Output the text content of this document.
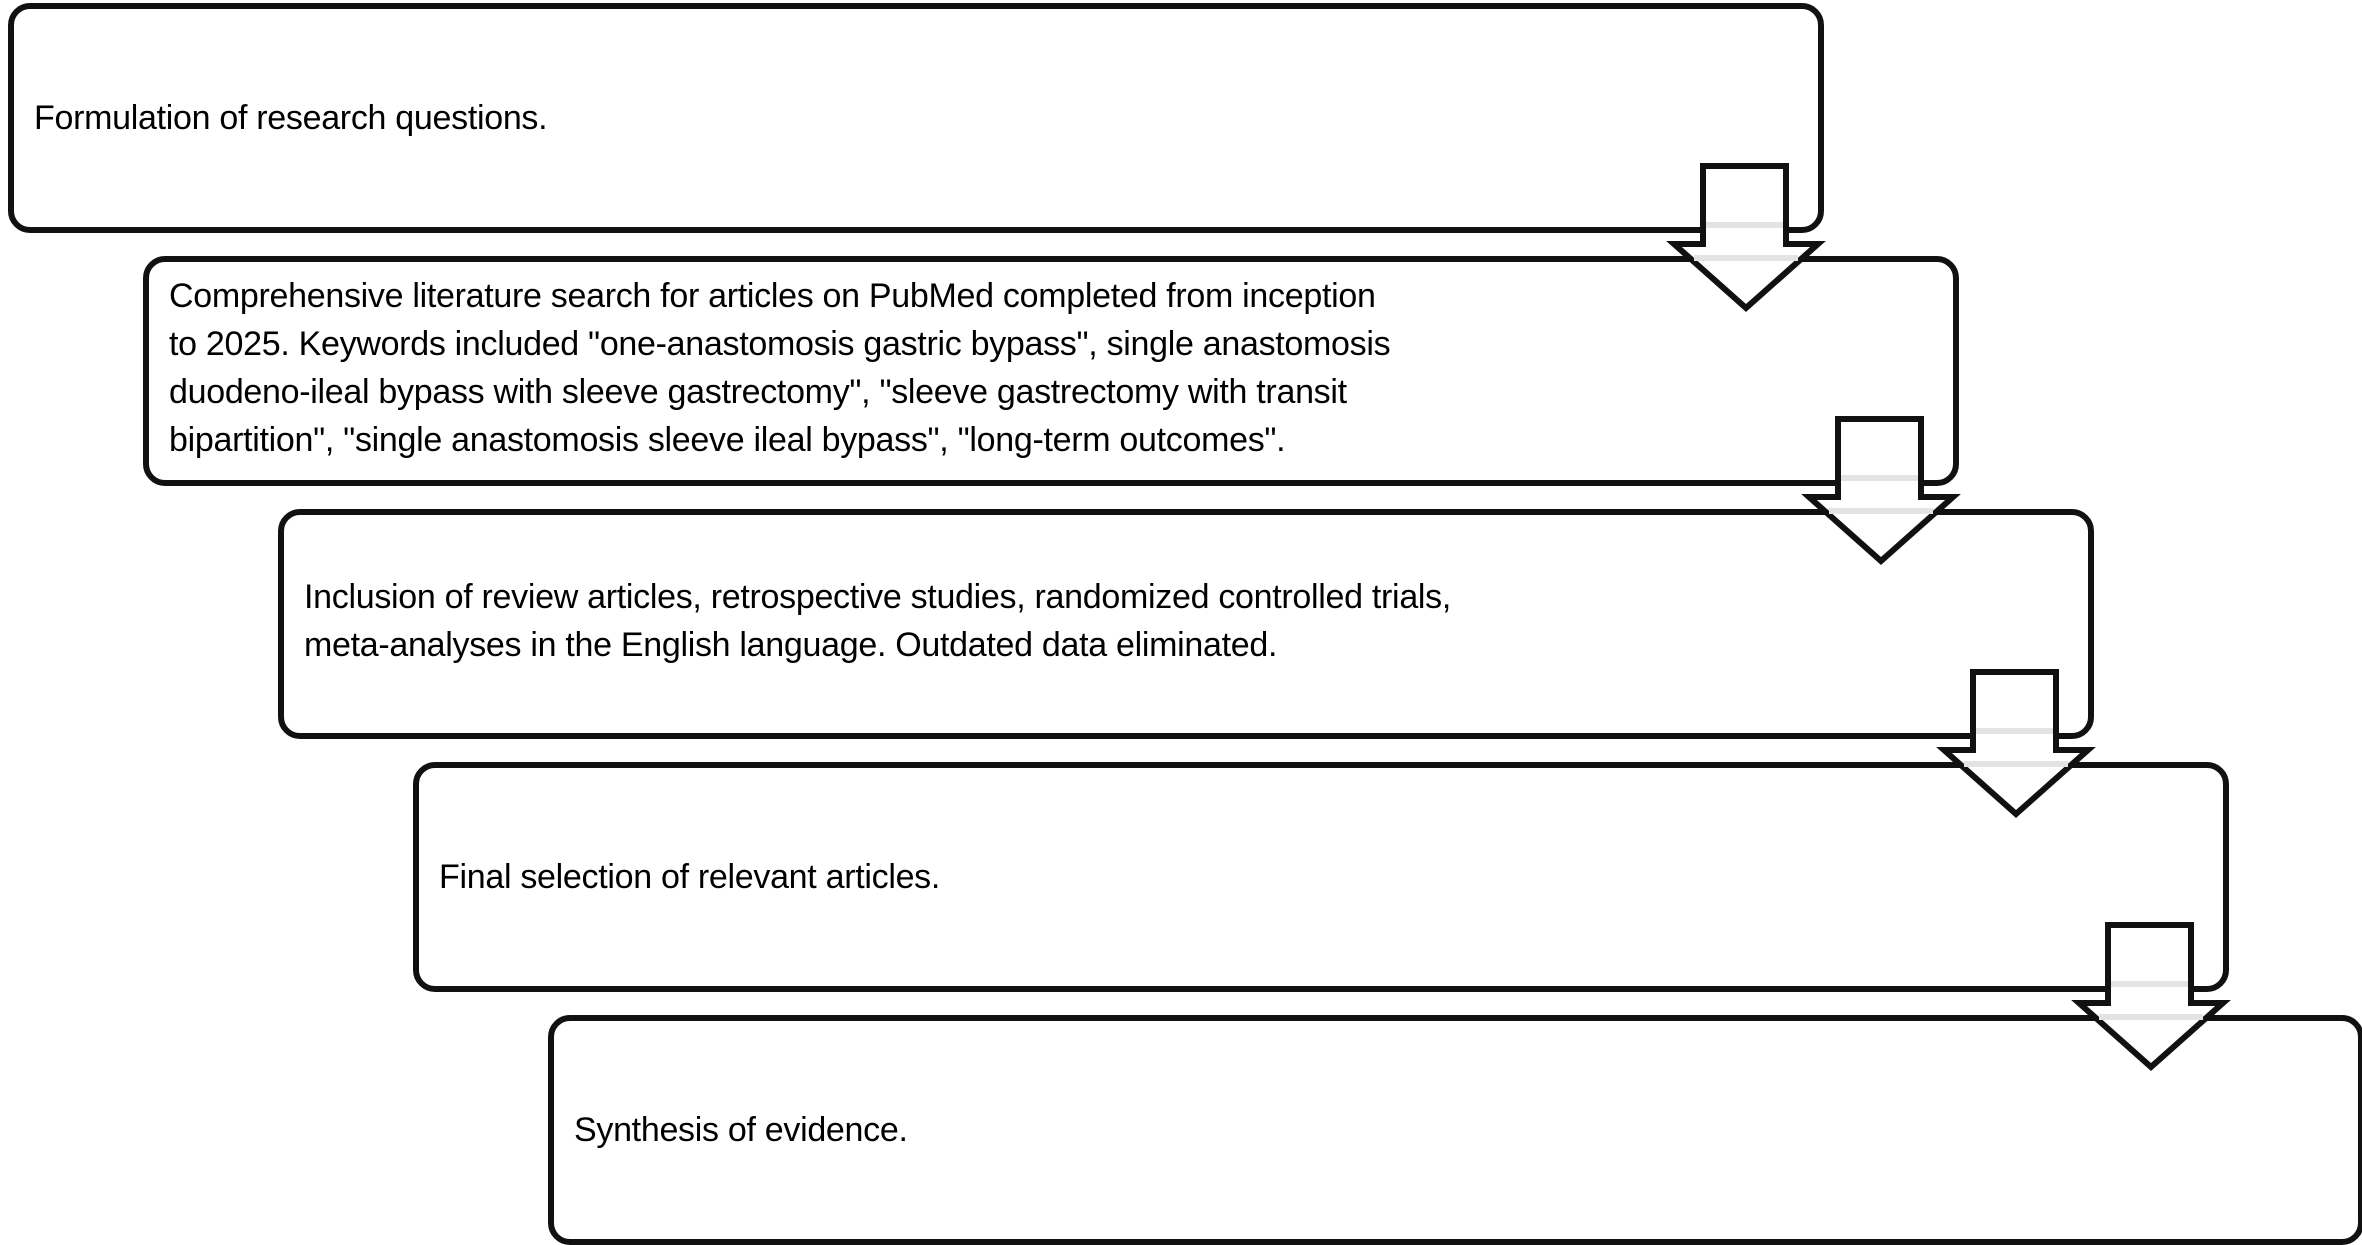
Formulation of research questions.
Comprehensive literature search for articles on PubMed completed from inception
to 2025. Keywords included "one-anastomosis gastric bypass", single anastomosis
duodeno-ileal bypass with sleeve gastrectomy", "sleeve gastrectomy with transit
bipartition", "single anastomosis sleeve ileal bypass", "long-term outcomes".
Inclusion of review articles, retrospective studies, randomized controlled trials,
meta-analyses in the English language. Outdated data eliminated.
Final selection of relevant articles.
Synthesis of evidence.
